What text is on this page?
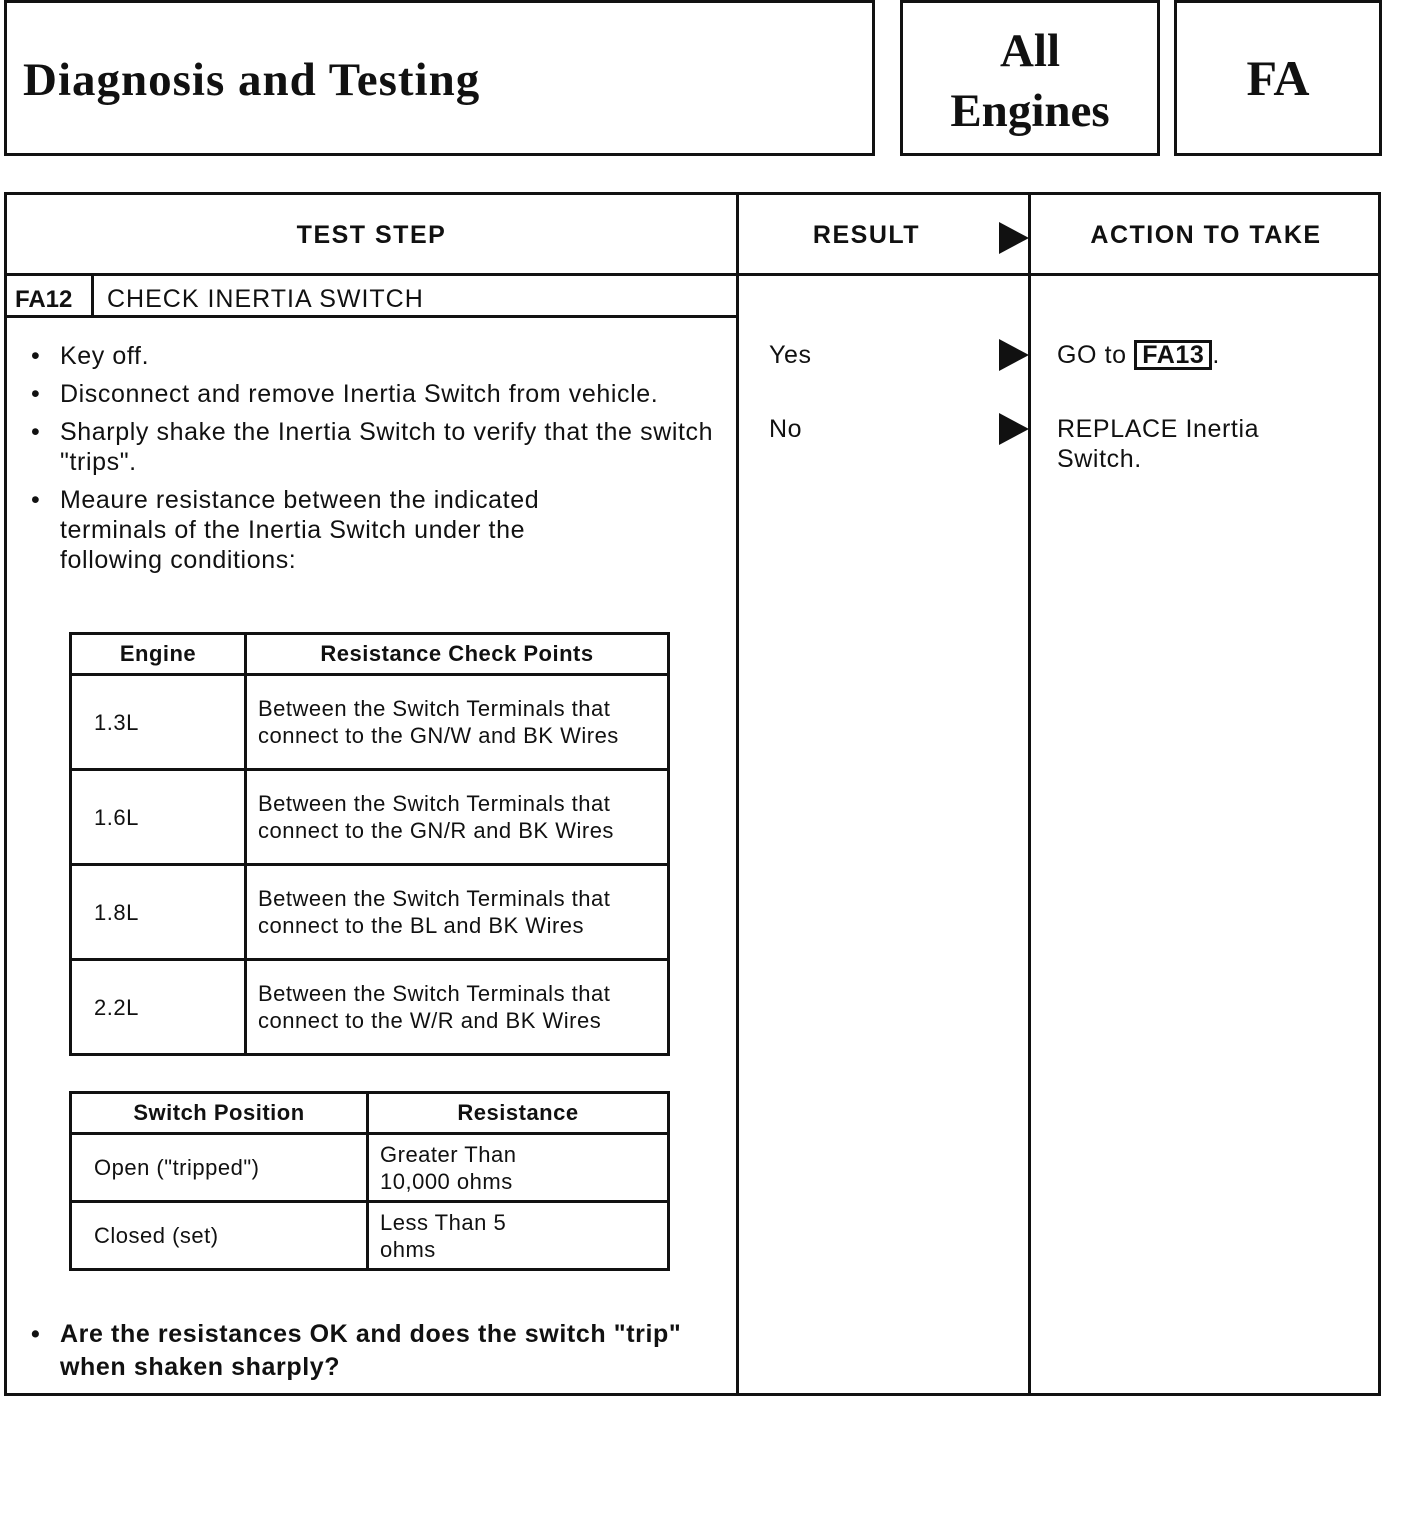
Diagnosis and Testing
All
Engines
FA
TEST STEP	RESULT	ACTION TO TAKE
FA12 CHECK INERTIA SWITCH
• Key off.
• Disconnect and remove Inertia Switch from vehicle.
• Sharply shake the Inertia Switch to verify that the switch "trips".
• Meaure resistance between the indicated terminals of the Inertia Switch under the following conditions:
Engine	Resistance Check Points
1.3L	Between the Switch Terminals that connect to the GN/W and BK Wires
1.6L	Between the Switch Terminals that connect to the GN/R and BK Wires
1.8L	Between the Switch Terminals that connect to the BL and BK Wires
2.2L	Between the Switch Terminals that connect to the W/R and BK Wires
Switch Position	Resistance
Open ("tripped")	Greater Than 10,000 ohms
Closed (set)	Less Than 5 ohms
• Are the resistances OK and does the switch "trip" when shaken sharply?
Yes	GO to FA13 .
No	REPLACE Inertia Switch.
